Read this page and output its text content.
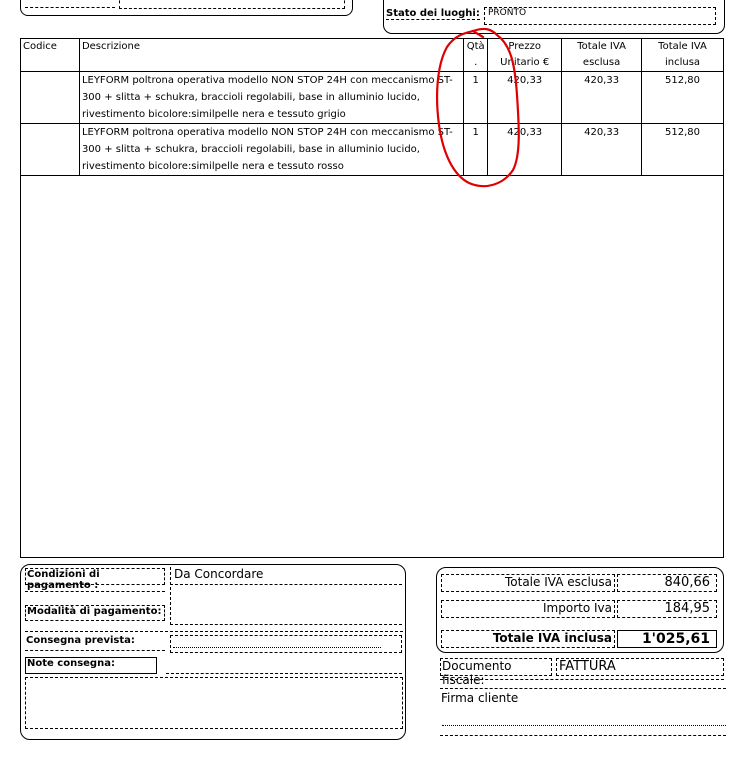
Stato dei luoghi: PRONTO
Codice	Descrizione	Qtà .	Prezzo Unitario €	Totale IVA esclusa	Totale IVA inclusa
	LEYFORM poltrona operativa modello NON STOP 24H con meccanismo ST-300 + slitta + schukra, braccioli regolabili, base in alluminio lucido, rivestimento bicolore:similpelle nera e tessuto grigio	1	420,33	420,33	512,80
	LEYFORM poltrona operativa modello NON STOP 24H con meccanismo ST-300 + slitta + schukra, braccioli regolabili, base in alluminio lucido, rivestimento bicolore:similpelle nera e tessuto rosso	1	420,33	420,33	512,80
Condizioni di pagamento :
Da Concordare
Modalità di pagamento:
Consegna prevista:
Note consegna:
Totale IVA esclusa	840,66
Importo Iva	184,95
Totale IVA inclusa	1'025,61
Documento fiscale:
FATTURA
Firma cliente
